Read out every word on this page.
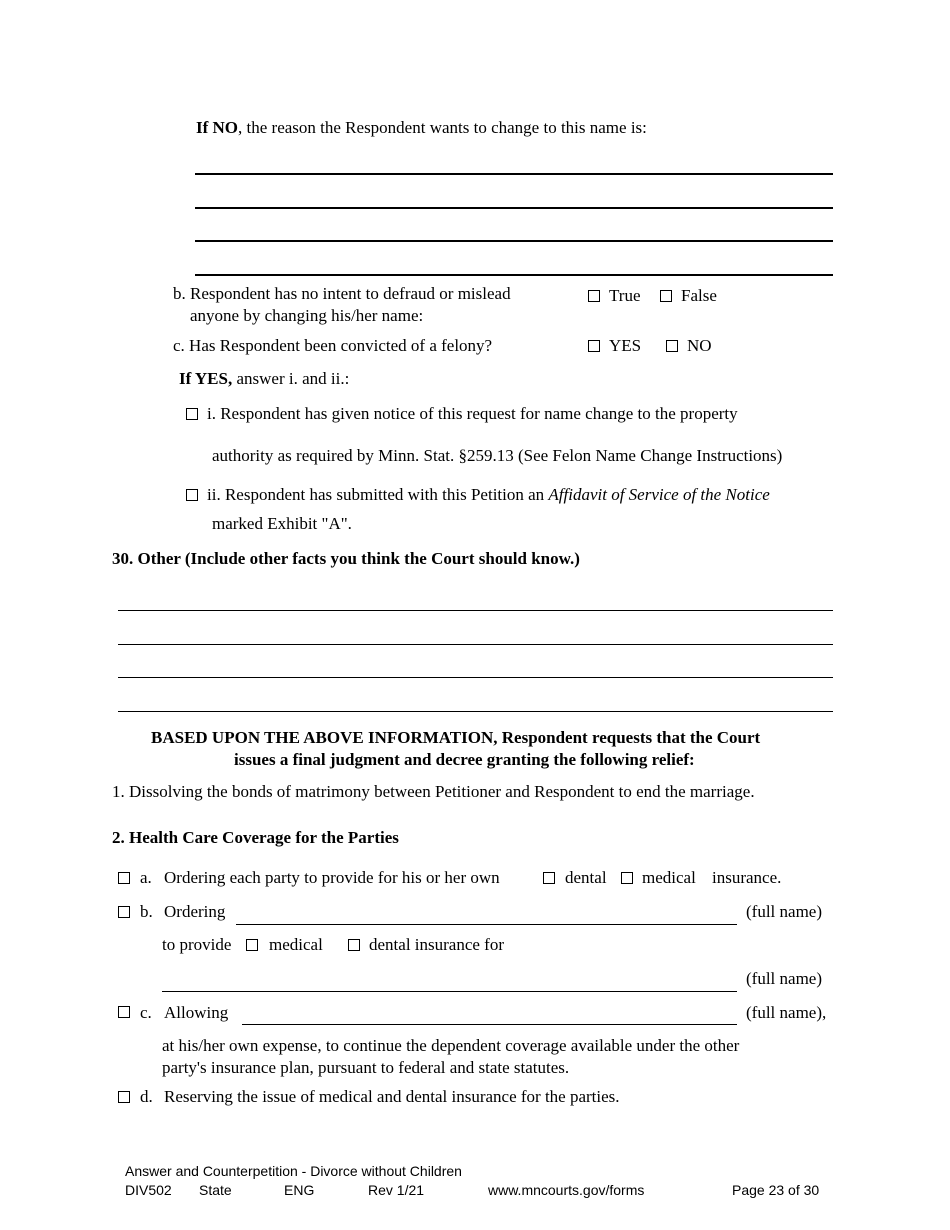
If NO, the reason the Respondent wants to change to this name is:
b. Respondent has no intent to defraud or mislead
anyone by changing his/her name:
True False
c. Has Respondent been convicted of a felony?	YES	NO
If YES, answer i. and ii.:
i. Respondent has given notice of this request for name change to the property
authority as required by Minn. Stat. §259.13 (See Felon Name Change Instructions)
ii. Respondent has submitted with this Petition an Affidavit of Service of the Notice
marked Exhibit "A".
30. Other (Include other facts you think the Court should know.)
BASED UPON THE ABOVE INFORMATION, Respondent requests that the Court
issues a final judgment and decree granting the following relief:
1. Dissolving the bonds of matrimony between Petitioner and Respondent to end the marriage.
2. Health Care Coverage for the Parties
a. Ordering each party to provide for his or her own	dental medical insurance.
b. Ordering	(full name)
to provide medical	dental insurance for
(full name)
c. Allowing	(full name),
at his/her own expense, to continue the dependent coverage available under the other
party's insurance plan, pursuant to federal and state statutes.
d. Reserving the issue of medical and dental insurance for the parties.
Answer and Counterpetition - Divorce without Children
DIV502 State	ENG	Rev 1/21	www.mncourts.gov/forms	Page 23 of 30
